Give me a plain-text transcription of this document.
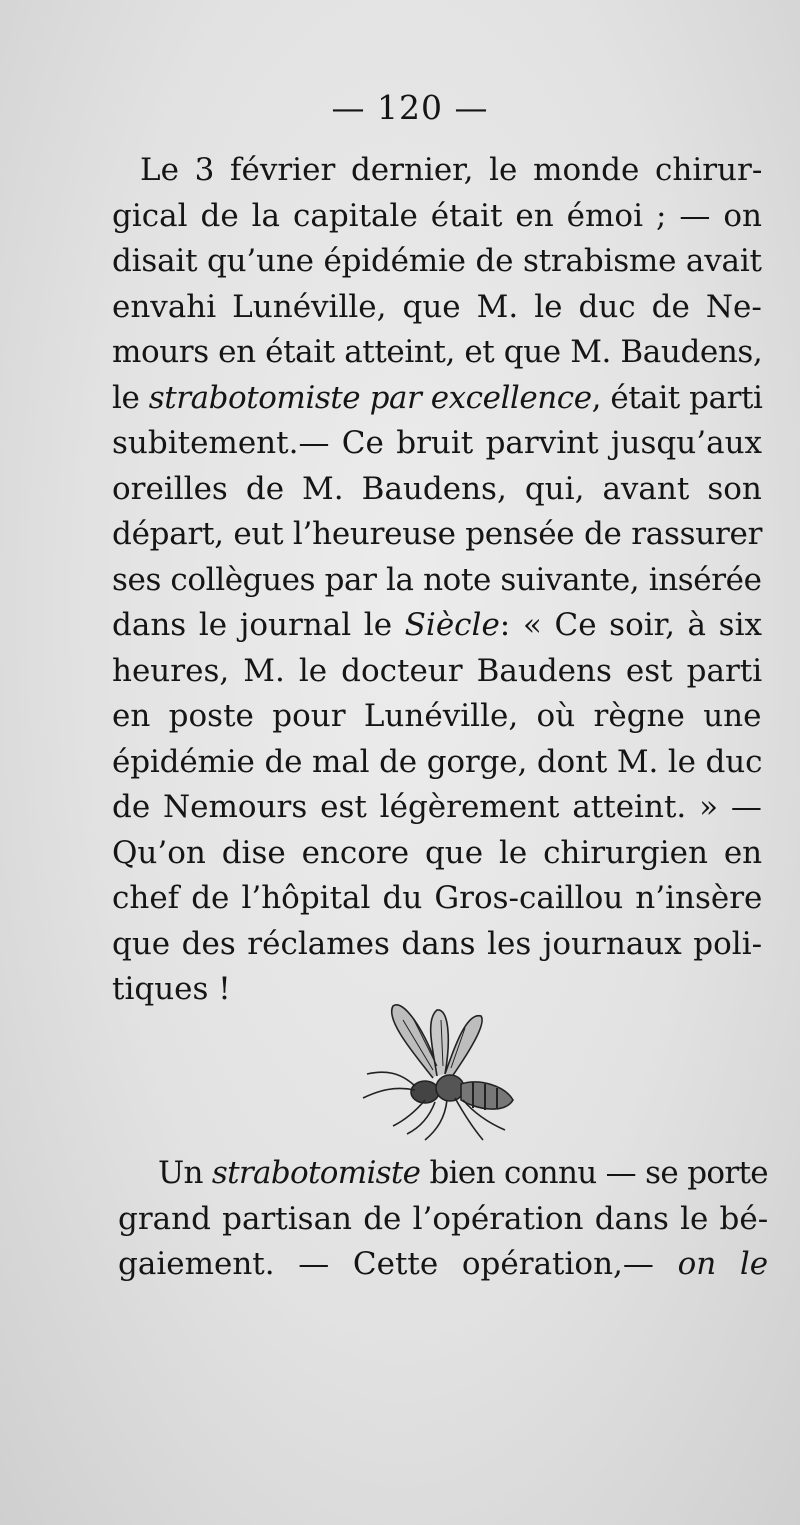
— 120 —
Le 3 février dernier, le monde chirur-
gical de la capitale était en émoi ; — on
disait qu’une épidémie de strabisme avait
envahi Lunéville, que M. le duc de Ne-
mours en était atteint, et que M. Baudens,
le strabotomiste par excellence, était parti
subitement.— Ce bruit parvint jusqu’aux
oreilles de M. Baudens, qui, avant son
départ, eut l’heureuse pensée de rassurer
ses collègues par la note suivante, insérée
dans le journal le Siècle: « Ce soir, à six
heures, M. le docteur Baudens est parti
en poste pour Lunéville, où règne une
épidémie de mal de gorge, dont M. le duc
de Nemours est légèrement atteint. » —
Qu’on dise encore que le chirurgien en
chef de l’hôpital du Gros-caillou n’insère
que des réclames dans les journaux poli-
tiques !
Un strabotomiste bien connu — se porte
grand partisan de l’opération dans le bé-
gaiement. — Cette opération,— on le
